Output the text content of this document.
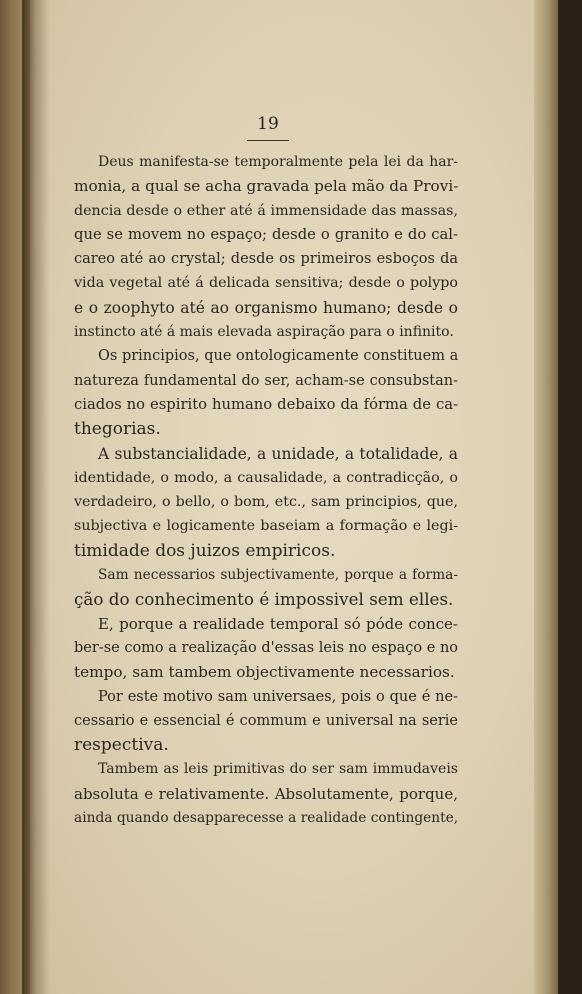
19

Deus manifesta-se temporalmente pela lei da har-
monia, a qual se acha gravada pela mão da Provi-
dencia desde o ether até á immensidade das massas,
que se movem no espaço; desde o granito e do cal-
careo até ao crystal; desde os primeiros esboços da
vida vegetal até á delicada sensitiva; desde o polypo
e o zoophyto até ao organismo humano; desde o
instincto até á mais elevada aspiração para o infinito.

Os principios, que ontologicamente constituem a
natureza fundamental do ser, acham-se consubstan-
ciados no espirito humano debaixo da fórma de ca-
thegorias.

A substancialidade, a unidade, a totalidade, a
identidade, o modo, a causalidade, a contradicção, o
verdadeiro, o bello, o bom, etc., sam principios, que,
subjectiva e logicamente baseiam a formação e legi-
timidade dos juizos empiricos.

Sam necessarios subjectivamente, porque a forma-
ção do conhecimento é impossivel sem elles.

E, porque a realidade temporal só póde conce-
ber-se como a realização d'essas leis no espaço e no
tempo, sam tambem objectivamente necessarios.

Por este motivo sam universaes, pois o que é ne-
cessario e essencial é commum e universal na serie
respectiva.

Tambem as leis primitivas do ser sam immudaveis
absoluta e relativamente. Absolutamente, porque,
ainda quando desapparecesse a realidade contingente,
